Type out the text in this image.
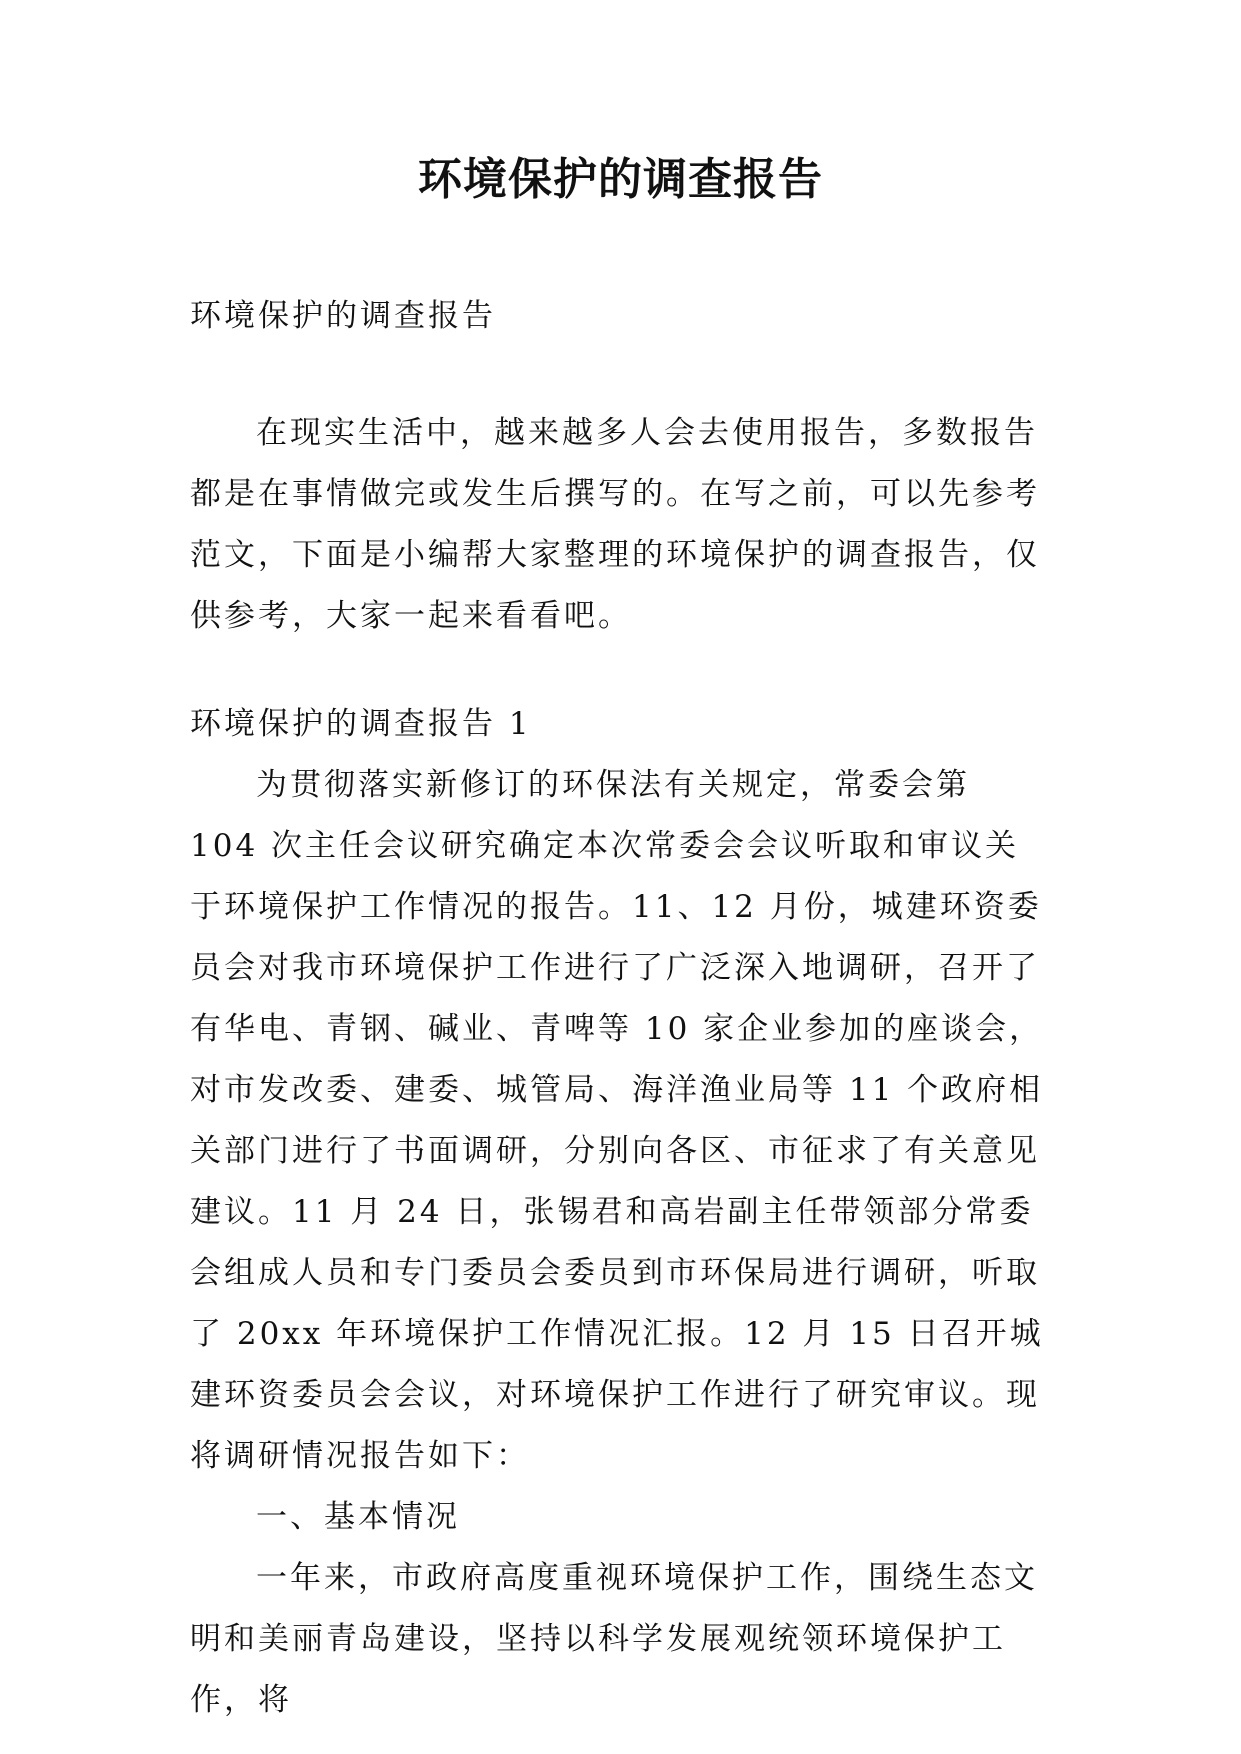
环境保护的调查报告
环境保护的调查报告

在现实生活中，越来越多人会去使用报告，多数报告都是在事情做完或发生后撰写的。在写之前，可以先参考范文，下面是小编帮大家整理的环境保护的调查报告，仅供参考，大家一起来看看吧。

环境保护的调查报告 1

为贯彻落实新修订的环保法有关规定，常委会第 104 次主任会议研究确定本次常委会会议听取和审议关于环境保护工作情况的报告。11、12 月份，城建环资委员会对我市环境保护工作进行了广泛深入地调研，召开了有华电、青钢、碱业、青啤等 10 家企业参加的座谈会，对市发改委、建委、城管局、海洋渔业局等 11 个政府相关部门进行了书面调研，分别向各区、市征求了有关意见建议。11 月 24 日，张锡君和高岩副主任带领部分常委会组成人员和专门委员会委员到市环保局进行调研，听取了 20xx 年环境保护工作情况汇报。12 月 15 日召开城建环资委员会会议，对环境保护工作进行了研究审议。现将调研情况报告如下：

一、基本情况

一年来，市政府高度重视环境保护工作，围绕生态文明和美丽青岛建设，坚持以科学发展观统领环境保护工作，将
